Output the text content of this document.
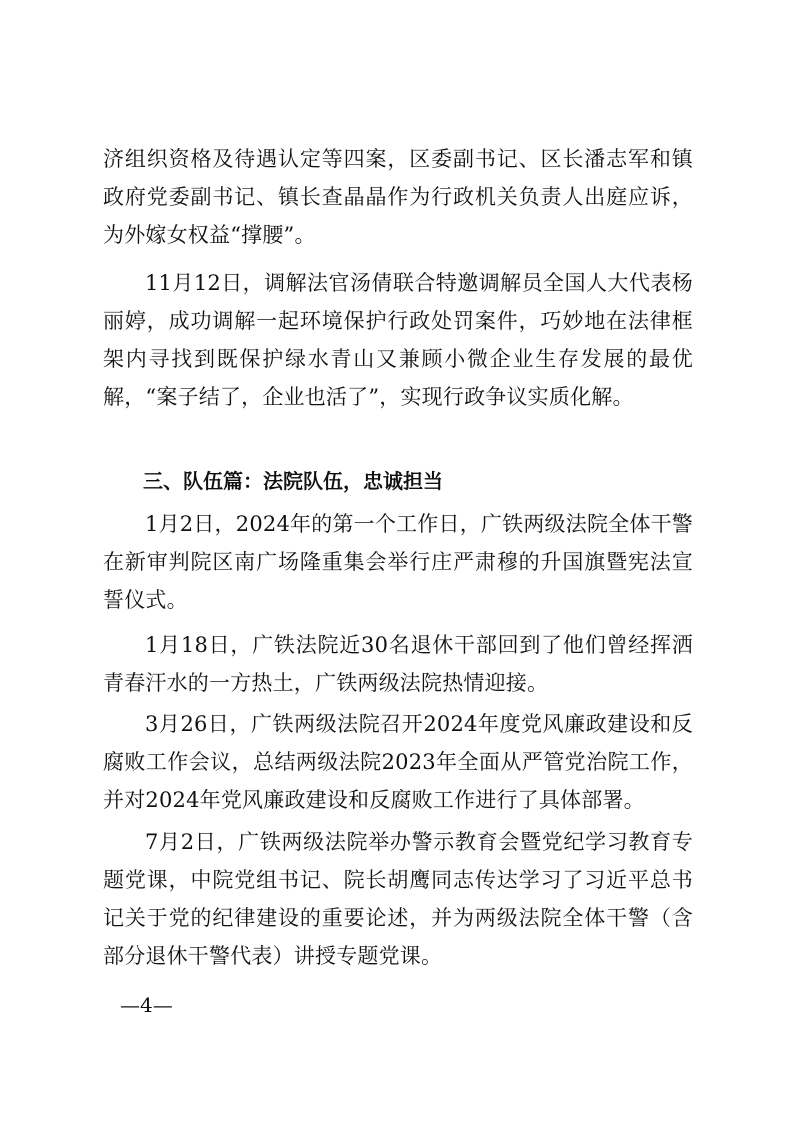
济组织资格及待遇认定等四案，区委副书记、区长潘志军和镇政府党委副书记、镇长查晶晶作为行政机关负责人出庭应诉，为外嫁女权益“撑腰”。

11月12日，调解法官汤倩联合特邀调解员全国人大代表杨丽婷，成功调解一起环境保护行政处罚案件，巧妙地在法律框架内寻找到既保护绿水青山又兼顾小微企业生存发展的最优解，“案子结了，企业也活了”，实现行政争议实质化解。

三、队伍篇：法院队伍，忠诚担当

1月2日，2024年的第一个工作日，广铁两级法院全体干警在新审判院区南广场隆重集会举行庄严肃穆的升国旗暨宪法宣誓仪式。

1月18日，广铁法院近30名退休干部回到了他们曾经挥洒青春汗水的一方热土，广铁两级法院热情迎接。

3月26日，广铁两级法院召开2024年度党风廉政建设和反腐败工作会议，总结两级法院2023年全面从严管党治院工作，并对2024年党风廉政建设和反腐败工作进行了具体部署。

7月2日，广铁两级法院举办警示教育会暨党纪学习教育专题党课，中院党组书记、院长胡鹰同志传达学习了习近平总书记关于党的纪律建设的重要论述，并为两级法院全体干警（含部分退休干警代表）讲授专题党课。

—4—
